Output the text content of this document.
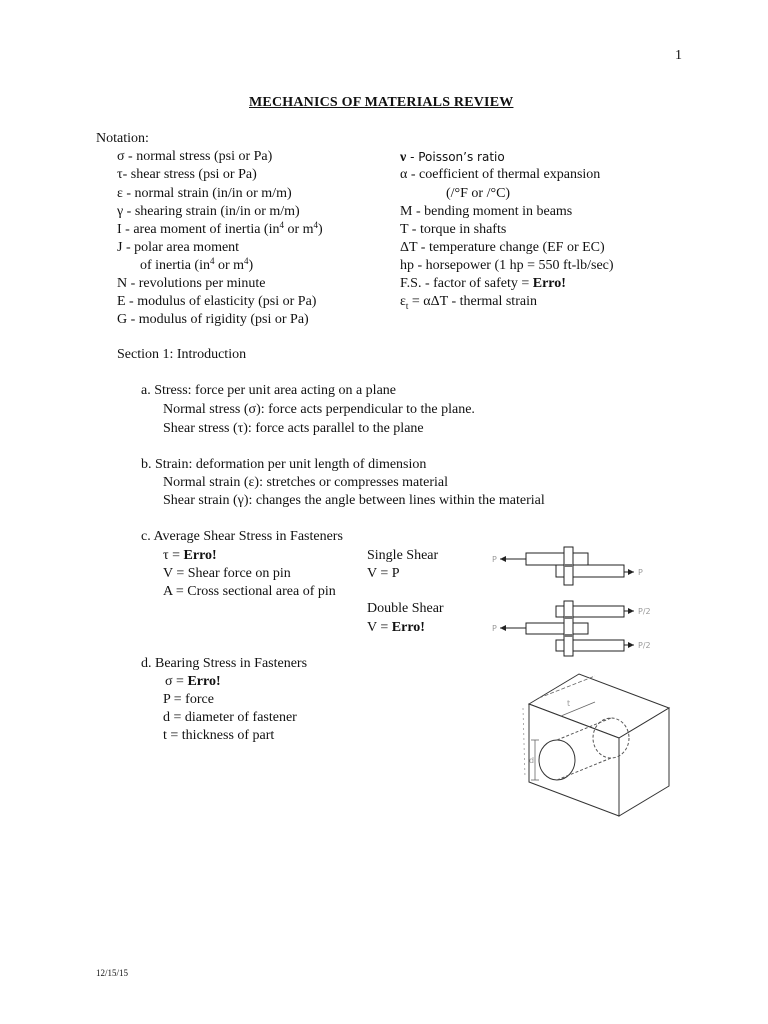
1
MECHANICS OF MATERIALS REVIEW
Notation:
σ - normal stress (psi or Pa)
τ- shear stress (psi or Pa)
ε - normal strain (in/in or m/m)
γ - shearing strain (in/in or m/m)
I - area moment of inertia ($in^4$ or $m^4$)
J - polar area moment
of inertia ($in^4$ or $m^4$)
N - revolutions per minute
E - modulus of elasticity (psi or Pa)
G - modulus of rigidity (psi or Pa)
ν - Poisson’s ratio
α - coefficient of thermal expansion
(/°F or /°C)
M - bending moment in beams
T - torque in shafts
ΔT - temperature change (EF or EC)
hp - horsepower (1 hp = 550 ft-lb/sec)
F.S. - factor of safety = Erro!
$\varepsilon_t = \alpha\Delta T$ - thermal strain
Section 1: Introduction
a. Stress: force per unit area acting on a plane
Normal stress (σ): force acts perpendicular to the plane.
Shear stress (τ): force acts parallel to the plane
b. Strain: deformation per unit length of dimension
Normal strain (ε): stretches or compresses material
Shear strain (γ): changes the angle between lines within the material
c. Average Shear Stress in Fasteners
τ = Erro!
V = Shear force on pin
A = Cross sectional area of pin
Single Shear
V = P
Double Shear
V = Erro!
P
P
P
P/2
P/2
d. Bearing Stress in Fasteners
σ = Erro!
P = force
d = diameter of fastener
t = thickness of part
t
d
12/15/15
